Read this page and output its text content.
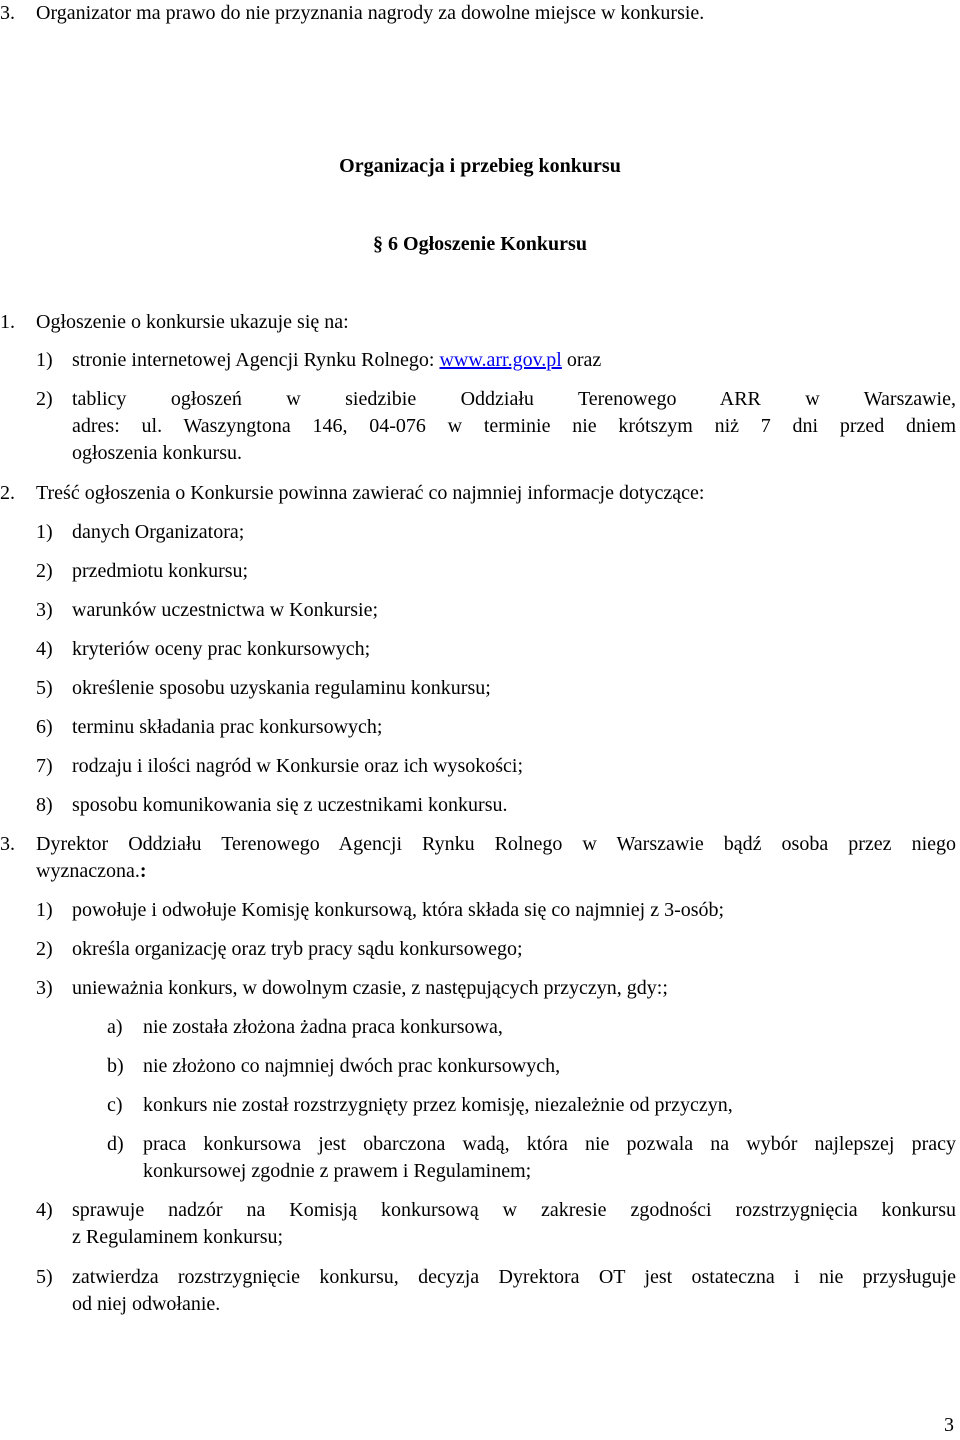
3. Organizator ma prawo do nie przyznania nagrody za dowolne miejsce w konkursie.
Organizacja i przebieg konkursu
§ 6 Ogłoszenie Konkursu
1. Ogłoszenie o konkursie ukazuje się na:
1) stronie internetowej Agencji Rynku Rolnego: www.arr.gov.pl oraz
2) tablicy ogłoszeń w siedzibie Oddziału Terenowego ARR w Warszawie,
adres: ul. Waszyngtona 146, 04-076 w terminie nie krótszym niż 7 dni przed dniem
ogłoszenia konkursu.
2. Treść ogłoszenia o Konkursie powinna zawierać co najmniej informacje dotyczące:
1) danych Organizatora;
2) przedmiotu konkursu;
3) warunków uczestnictwa w Konkursie;
4) kryteriów oceny prac konkursowych;
5) określenie sposobu uzyskania regulaminu konkursu;
6) terminu składania prac konkursowych;
7) rodzaju i ilości nagród w Konkursie oraz ich wysokości;
8) sposobu komunikowania się z uczestnikami konkursu.
3. Dyrektor Oddziału Terenowego Agencji Rynku Rolnego w Warszawie bądź osoba przez niego
wyznaczona.:
1) powołuje i odwołuje Komisję konkursową, która składa się co najmniej z 3-osób;
2) określa organizację oraz tryb pracy sądu konkursowego;
3) unieważnia konkurs, w dowolnym czasie, z następujących przyczyn, gdy:;
a) nie została złożona żadna praca konkursowa,
b) nie złożono co najmniej dwóch prac konkursowych,
c) konkurs nie został rozstrzygnięty przez komisję, niezależnie od przyczyn,
d) praca konkursowa jest obarczona wadą, która nie pozwala na wybór najlepszej pracy
konkursowej zgodnie z prawem i Regulaminem;
4) sprawuje nadzór na Komisją konkursową w zakresie zgodności rozstrzygnięcia konkursu
z Regulaminem konkursu;
5) zatwierdza rozstrzygnięcie konkursu, decyzja Dyrektora OT jest ostateczna i nie przysługuje
od niej odwołanie.
3
